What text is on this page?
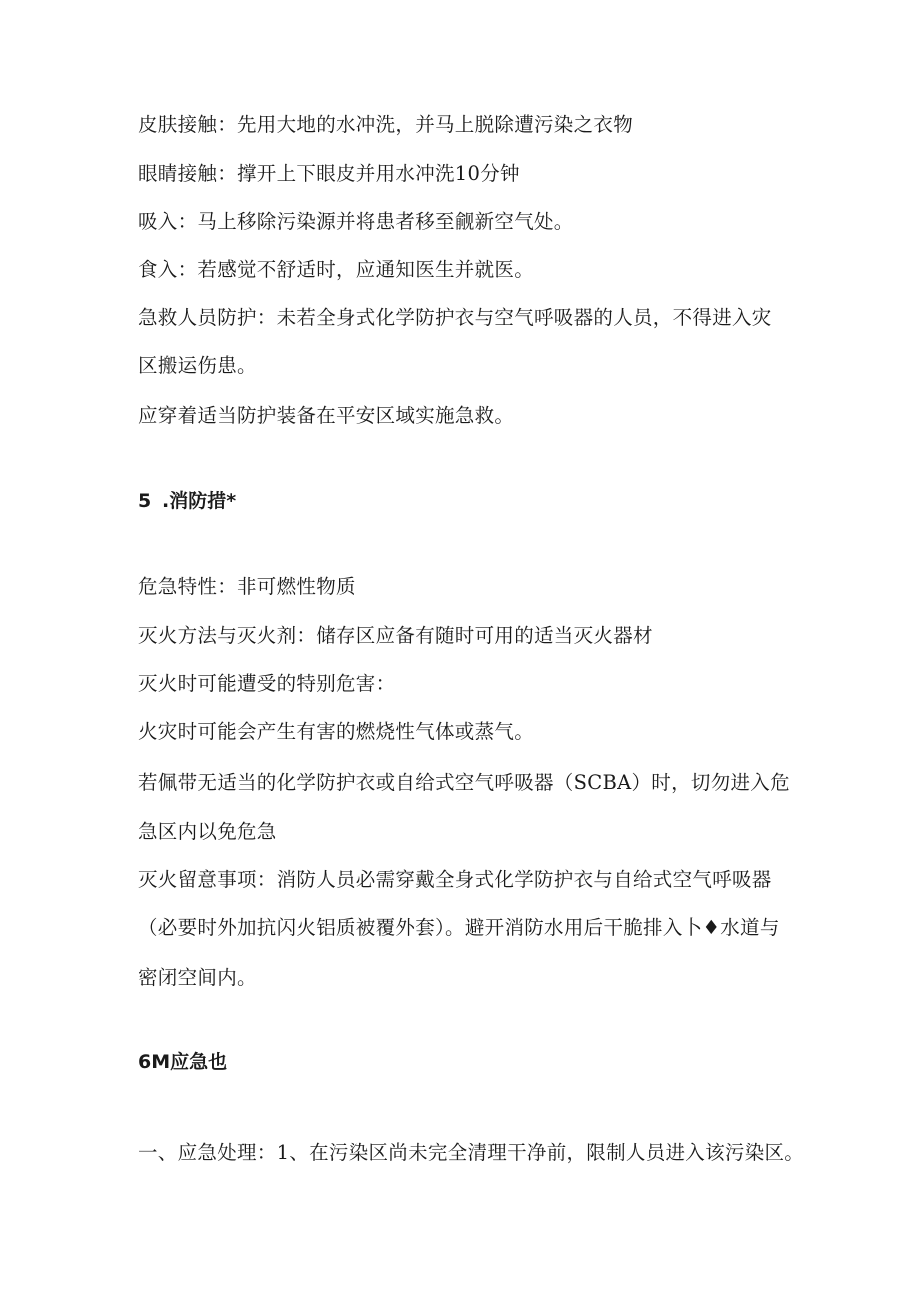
皮肤接触：先用大地的水冲洗，并马上脱除遭污染之衣物
眼睛接触：撑开上下眼皮并用水冲洗10分钟
吸入：马上移除污染源并将患者移至觎新空气处。
食入：若感觉不舒适时，应通知医生并就医。
急救人员防护：未若全身式化学防护衣与空气呼吸器的人员，不得进入灾
区搬运伤患。
应穿着适当防护装备在平安区域实施急救。
5 .消防措*
危急特性：非可燃性物质
灭火方法与灭火剂：储存区应备有随时可用的适当灭火器材
灭火时可能遭受的特别危害：
火灾时可能会产生有害的燃烧性气体或蒸气。
若佩带无适当的化学防护衣或自给式空气呼吸器（SCBA）时，切勿进入危
急区内以免危急
灭火留意事项：消防人员必需穿戴全身式化学防护衣与自给式空气呼吸器
（必要时外加抗闪火铝质被覆外套）。避开消防水用后干脆排入卜♦水道与
密闭空间内。
6M应急也
一、应急处理：1、在污染区尚未完全清理干净前，限制人员进入该污染区。
